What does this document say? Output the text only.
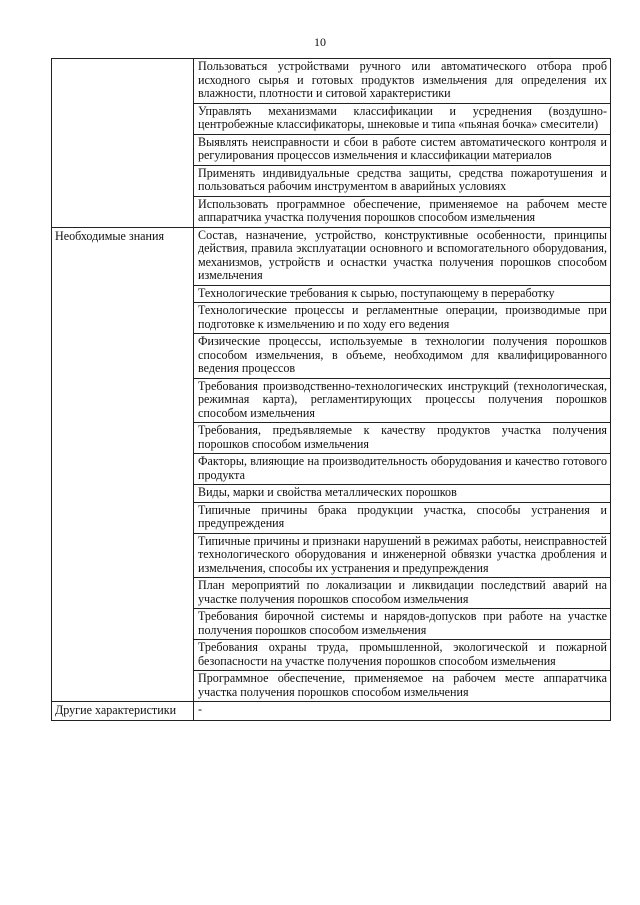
10
	Пользоваться устройствами ручного или автоматического отбора проб исходного сырья и готовых продуктов измельчения для определения их влажности, плотности и ситовой характеристики
	Управлять механизмами классификации и усреднения (воздушно-центробежные классификаторы, шнековые и типа «пьяная бочка» смесители)
	Выявлять неисправности и сбои в работе систем автоматического контроля и регулирования процессов измельчения и классификации материалов
	Применять индивидуальные средства защиты, средства пожаротушения и пользоваться рабочим инструментом в аварийных условиях
	Использовать программное обеспечение, применяемое на рабочем месте аппаратчика участка получения порошков способом измельчения
Необходимые знания	Состав, назначение, устройство, конструктивные особенности, принципы действия, правила эксплуатации основного и вспомогательного оборудования, механизмов, устройств и оснастки участка получения порошков способом измельчения
	Технологические требования к сырью, поступающему в переработку
	Технологические процессы и регламентные операции, производимые при подготовке к измельчению и по ходу его ведения
	Физические процессы, используемые в технологии получения порошков способом измельчения, в объеме, необходимом для квалифицированного ведения процессов
	Требования производственно-технологических инструкций (технологическая, режимная карта), регламентирующих процессы получения порошков способом измельчения
	Требования, предъявляемые к качеству продуктов участка получения порошков способом измельчения
	Факторы, влияющие на производительность оборудования и качество готового продукта
	Виды, марки и свойства металлических порошков
	Типичные причины брака продукции участка, способы устранения и предупреждения
	Типичные причины и признаки нарушений в режимах работы, неисправностей технологического оборудования и инженерной обвязки участка дробления и измельчения, способы их устранения и предупреждения
	План мероприятий по локализации и ликвидации последствий аварий на участке получения порошков способом измельчения
	Требования бирочной системы и нарядов-допусков при работе на участке получения порошков способом измельчения
	Требования охраны труда, промышленной, экологической и пожарной безопасности на участке получения порошков способом измельчения
	Программное обеспечение, применяемое на рабочем месте аппаратчика участка получения порошков способом измельчения
Другие характеристики	-
